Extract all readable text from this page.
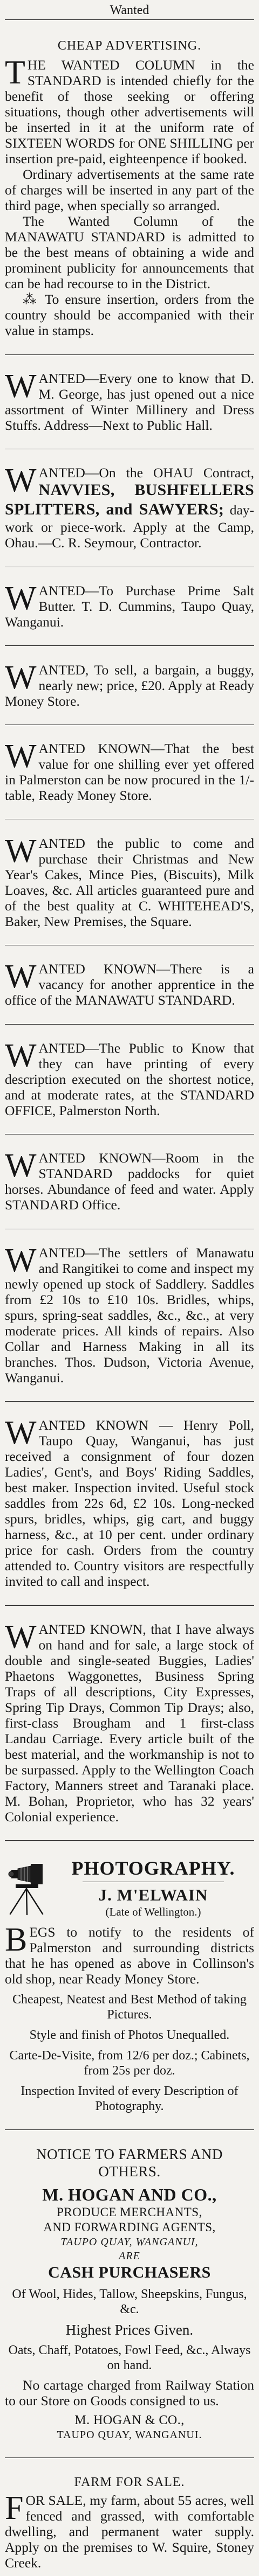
Wanted
CHEAP ADVERTISING.

THE WANTED COLUMN in the STANDARD is intended chiefly for the benefit of those seeking or offering situations, though other advertisements will be inserted in it at the uniform rate of SIXTEEN WORDS for ONE SHILLING per insertion pre-paid, eighteenpence if booked.

Ordinary advertisements at the same rate of charges will be inserted in any part of the third page, when specially so arranged.

The Wanted Column of the MANAWATU STANDARD is admitted to be the best means of obtaining a wide and prominent publicity for announcements that can be had recourse to in the District.

⁂ To ensure insertion, orders from the country should be accompanied with their value in stamps.

WANTED—Every one to know that D. M. George, has just opened out a nice assortment of Winter Millinery and Dress Stuffs. Address—Next to Public Hall.

WANTED—On the OHAU Contract, NAVVIES, BUSHFELLERS SPLITTERS, and SAWYERS; day-work or piece-work. Apply at the Camp, Ohau.—C. R. Seymour, Contractor.

WANTED—To Purchase Prime Salt Butter. T. D. Cummins, Taupo Quay, Wanganui.

WANTED, To sell, a bargain, a buggy, nearly new; price, £20. Apply at Ready Money Store.

WANTED KNOWN—That the best value for one shilling ever yet offered in Palmerston can be now procured in the 1/- table, Ready Money Store.

WANTED the public to come and purchase their Christmas and New Year's Cakes, Mince Pies, (Biscuits), Milk Loaves, &c. All articles guaranteed pure and of the best quality at C. WHITEHEAD'S, Baker, New Premises, the Square.

WANTED KNOWN—There is a vacancy for another apprentice in the office of the MANAWATU STANDARD.

WANTED—The Public to Know that they can have printing of every description executed on the shortest notice, and at moderate rates, at the STANDARD OFFICE, Palmerston North.

WANTED KNOWN—Room in the STANDARD paddocks for quiet horses. Abundance of feed and water. Apply STANDARD Office.

WANTED—The settlers of Manawatu and Rangitikei to come and inspect my newly opened up stock of Saddlery. Saddles from £2 10s to £10 10s. Bridles, whips, spurs, spring-seat saddles, &c., &c., at very moderate prices. All kinds of repairs. Also Collar and Harness Making in all its branches. Thos. Dudson, Victoria Avenue, Wanganui.

WANTED KNOWN — Henry Poll, Taupo Quay, Wanganui, has just received a consignment of four dozen Ladies', Gent's, and Boys' Riding Saddles, best maker. Inspection invited. Useful stock saddles from 22s 6d, £2 10s. Long-necked spurs, bridles, whips, gig cart, and buggy harness, &c., at 10 per cent. under ordinary price for cash. Orders from the country attended to. Country visitors are respectfully invited to call and inspect.

WANTED KNOWN, that I have always on hand and for sale, a large stock of double and single-seated Buggies, Ladies' Phaetons Waggonettes, Business Spring Traps of all descriptions, City Expresses, Spring Tip Drays, Common Tip Drays; also, first-class Brougham and 1 first-class Landau Carriage. Every article built of the best material, and the workmanship is not to be surpassed. Apply to the Wellington Coach Factory, Manners street and Taranaki place. M. Bohan, Proprietor, who has 32 years' Colonial experience.

PHOTOGRAPHY.
J. M'ELWAIN
(Late of Wellington.)

BEGS to notify to the residents of Palmerston and surrounding districts that he has opened as above in Collinson's old shop, near Ready Money Store.

Cheapest, Neatest and Best Method of taking Pictures.
Style and finish of Photos Unequalled.
Carte-De-Visite, from 12/6 per doz.; Cabinets, from 25s per doz.
Inspection Invited of every Description of Photography.
NOTICE TO FARMERS AND OTHERS.
M. HOGAN AND CO.,
PRODUCE MERCHANTS,
AND FORWARDING AGENTS,
TAUPO QUAY, WANGANUI,
ARE
CASH PURCHASERS
Of Wool, Hides, Tallow, Sheepskins, Fungus, &c.
Highest Prices Given.
Oats, Chaff, Potatoes, Fowl Feed, &c., Always on hand.

No cartage charged from Railway Station to our Store on Goods consigned to us.

M. HOGAN & CO.,
TAUPO QUAY, WANGANUI.
FARM FOR SALE.

FOR SALE, my farm, about 55 acres, well fenced and grassed, with comfortable dwelling, and permanent water supply. Apply on the premises to W. Squire, Stoney Creek.
